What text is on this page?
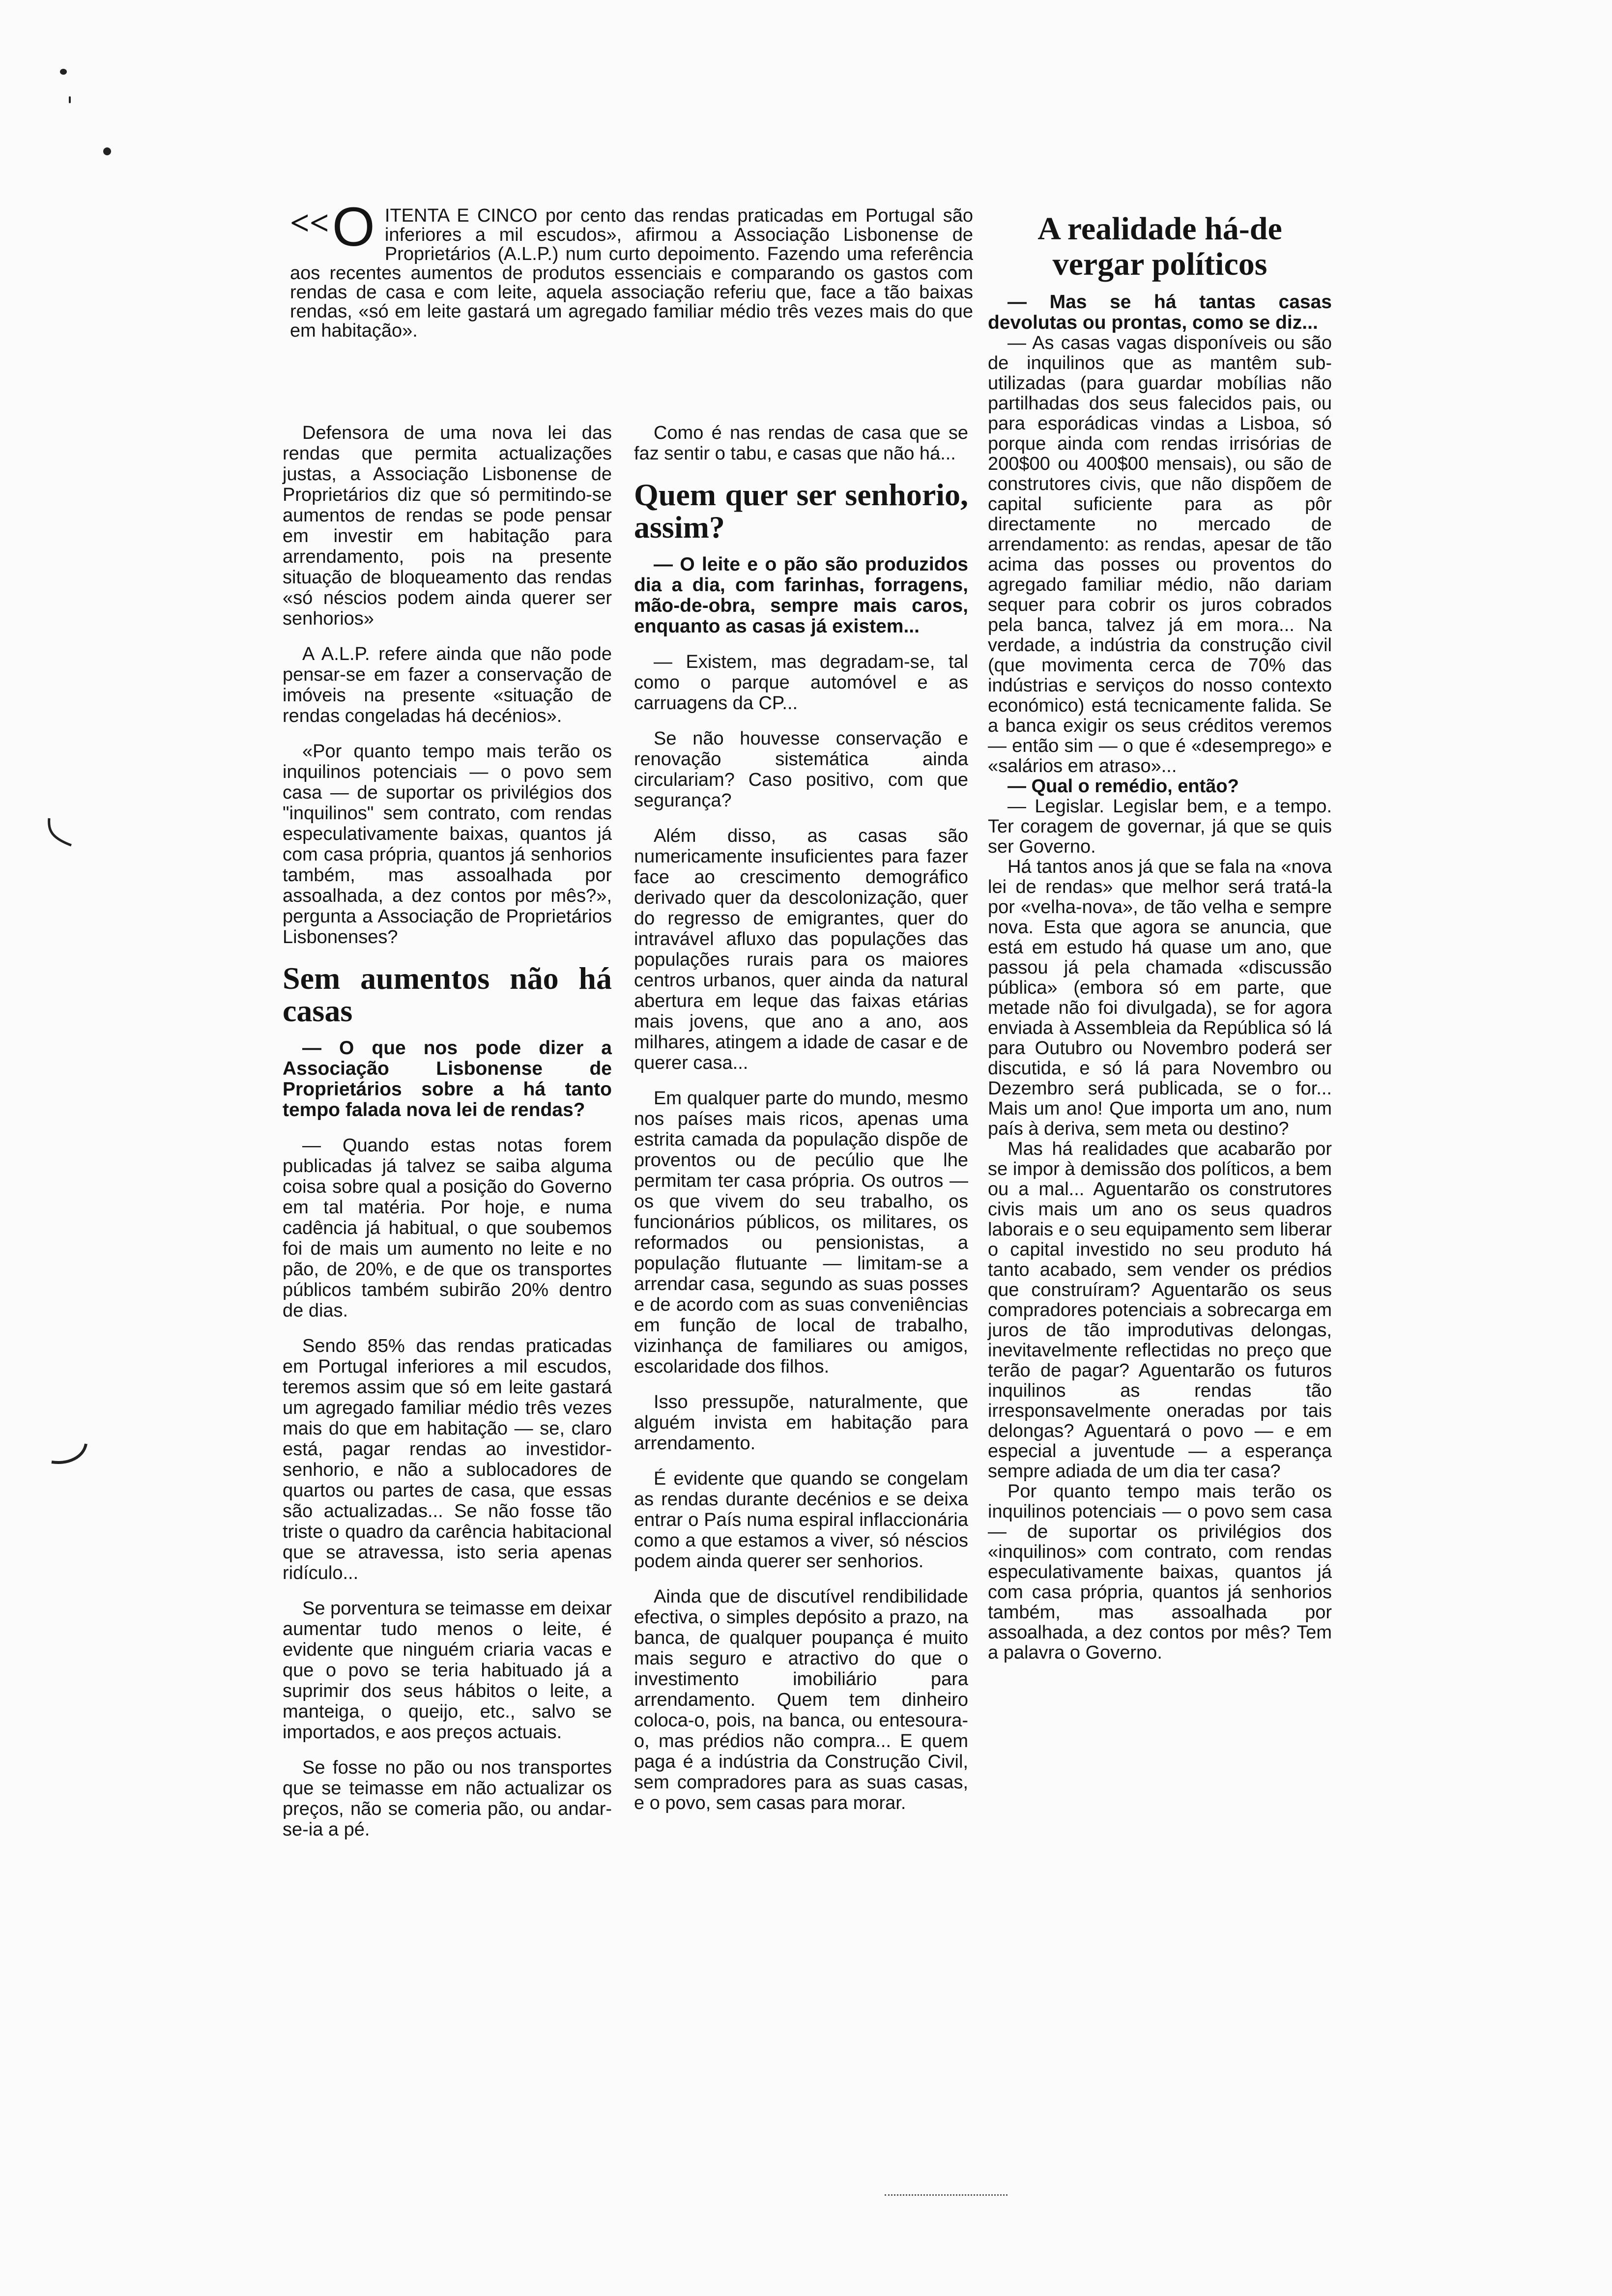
<< O ITENTA E CINCO por cento das rendas praticadas em Portugal são inferiores a mil escudos», afirmou a Associação Lisbonense de Proprietários (A.L.P.) num curto depoimento. Fazendo uma referência aos recentes aumentos de produtos essenciais e comparando os gastos com rendas de casa e com leite, aquela associação referiu que, face a tão baixas rendas, «só em leite gastará um agregado familiar médio três vezes mais do que em habitação».

Defensora de uma nova lei das rendas que permita actualizações justas, a Associação Lisbonense de Proprietários diz que só permitindo-se aumentos de rendas se pode pensar em investir em habitação para arrendamento, pois na presente situação de bloqueamento das rendas «só néscios podem ainda querer ser senhorios»

A A.L.P. refere ainda que não pode pensar-se em fazer a conservação de imóveis na presente «situação de rendas congeladas há decénios».

«Por quanto tempo mais terão os inquilinos potenciais — o povo sem casa — de suportar os privilégios dos "inquilinos" sem contrato, com rendas especulativamente baixas, quantos já com casa própria, quantos já senhorios também, mas assoalhada por assoalhada, a dez contos por mês?», pergunta a Associação de Proprietários Lisbonenses?

Sem aumentos não há casas

— O que nos pode dizer a Associação Lisbonense de Proprietários sobre a há tanto tempo falada nova lei de rendas?

— Quando estas notas forem publicadas já talvez se saiba alguma coisa sobre qual a posição do Governo em tal matéria. Por hoje, e numa cadência já habitual, o que soubemos foi de mais um aumento no leite e no pão, de 20%, e de que os transportes públicos também subirão 20% dentro de dias.

Sendo 85% das rendas praticadas em Portugal inferiores a mil escudos, teremos assim que só em leite gastará um agregado familiar médio três vezes mais do que em habitação — se, claro está, pagar rendas ao investidor-senhorio, e não a sublocadores de quartos ou partes de casa, que essas são actualizadas... Se não fosse tão triste o quadro da carência habitacional que se atravessa, isto seria apenas ridículo...

Se porventura se teimasse em deixar aumentar tudo menos o leite, é evidente que ninguém criaria vacas e que o povo se teria habituado já a suprimir dos seus hábitos o leite, a manteiga, o queijo, etc., salvo se importados, e aos preços actuais.

Se fosse no pão ou nos transportes que se teimasse em não actualizar os preços, não se comeria pão, ou andar-se-ia a pé.

Como é nas rendas de casa que se faz sentir o tabu, e casas que não há...

Quem quer ser senhorio, assim?

— O leite e o pão são produzidos dia a dia, com farinhas, forragens, mão-de-obra, sempre mais caros, enquanto as casas já existem...

— Existem, mas degradam-se, tal como o parque automóvel e as carruagens da CP...

Se não houvesse conservação e renovação sistemática ainda circulariam? Caso positivo, com que segurança?

Além disso, as casas são numericamente insuficientes para fazer face ao crescimento demográfico derivado quer da descolonização, quer do regresso de emigrantes, quer do intravável afluxo das populações das populações rurais para os maiores centros urbanos, quer ainda da natural abertura em leque das faixas etárias mais jovens, que ano a ano, aos milhares, atingem a idade de casar e de querer casa...

Em qualquer parte do mundo, mesmo nos países mais ricos, apenas uma estrita camada da população dispõe de proventos ou de pecúlio que lhe permitam ter casa própria. Os outros — os que vivem do seu trabalho, os funcionários públicos, os militares, os reformados ou pensionistas, a população flutuante — limitam-se a arrendar casa, segundo as suas posses e de acordo com as suas conveniências em função de local de trabalho, vizinhança de familiares ou amigos, escolaridade dos filhos.

Isso pressupõe, naturalmente, que alguém invista em habitação para arrendamento.

É evidente que quando se congelam as rendas durante decénios e se deixa entrar o País numa espiral inflaccionária como a que estamos a viver, só néscios podem ainda querer ser senhorios.

Ainda que de discutível rendibilidade efectiva, o simples depósito a prazo, na banca, de qualquer poupança é muito mais seguro e atractivo do que o investimento imobiliário para arrendamento. Quem tem dinheiro coloca-o, pois, na banca, ou entesoura-o, mas prédios não compra... E quem paga é a indústria da Construção Civil, sem compradores para as suas casas, e o povo, sem casas para morar.

A realidade há-de vergar políticos

— Mas se há tantas casas devolutas ou prontas, como se diz...

— As casas vagas disponíveis ou são de inquilinos que as mantêm sub-utilizadas (para guardar mobílias não partilhadas dos seus falecidos pais, ou para esporádicas vindas a Lisboa, só porque ainda com rendas irrisórias de 200$00 ou 400$00 mensais), ou são de construtores civis, que não dispõem de capital suficiente para as pôr directamente no mercado de arrendamento: as rendas, apesar de tão acima das posses ou proventos do agregado familiar médio, não dariam sequer para cobrir os juros cobrados pela banca, talvez já em mora... Na verdade, a indústria da construção civil (que movimenta cerca de 70% das indústrias e serviços do nosso contexto económico) está tecnicamente falida. Se a banca exigir os seus créditos veremos — então sim — o que é «desemprego» e «salários em atraso»...

— Qual o remédio, então?

— Legislar. Legislar bem, e a tempo. Ter coragem de governar, já que se quis ser Governo.

Há tantos anos já que se fala na «nova lei de rendas» que melhor será tratá-la por «velha-nova», de tão velha e sempre nova. Esta que agora se anuncia, que está em estudo há quase um ano, que passou já pela chamada «discussão pública» (embora só em parte, que metade não foi divulgada), se for agora enviada à Assembleia da República só lá para Outubro ou Novembro poderá ser discutida, e só lá para Novembro ou Dezembro será publicada, se o for... Mais um ano! Que importa um ano, num país à deriva, sem meta ou destino?

Mas há realidades que acabarão por se impor à demissão dos políticos, a bem ou a mal... Aguentarão os construtores civis mais um ano os seus quadros laborais e o seu equipamento sem liberar o capital investido no seu produto há tanto acabado, sem vender os prédios que construíram? Aguentarão os seus compradores potenciais a sobrecarga em juros de tão improdutivas delongas, inevitavelmente reflectidas no preço que terão de pagar? Aguentarão os futuros inquilinos as rendas tão irresponsavelmente oneradas por tais delongas? Aguentará o povo — e em especial a juventude — a esperança sempre adiada de um dia ter casa?

Por quanto tempo mais terão os inquilinos potenciais — o povo sem casa — de suportar os privilégios dos «inquilinos» com contrato, com rendas especulativamente baixas, quantos já com casa própria, quantos já senhorios também, mas assoalhada por assoalhada, a dez contos por mês? Tem a palavra o Governo.
